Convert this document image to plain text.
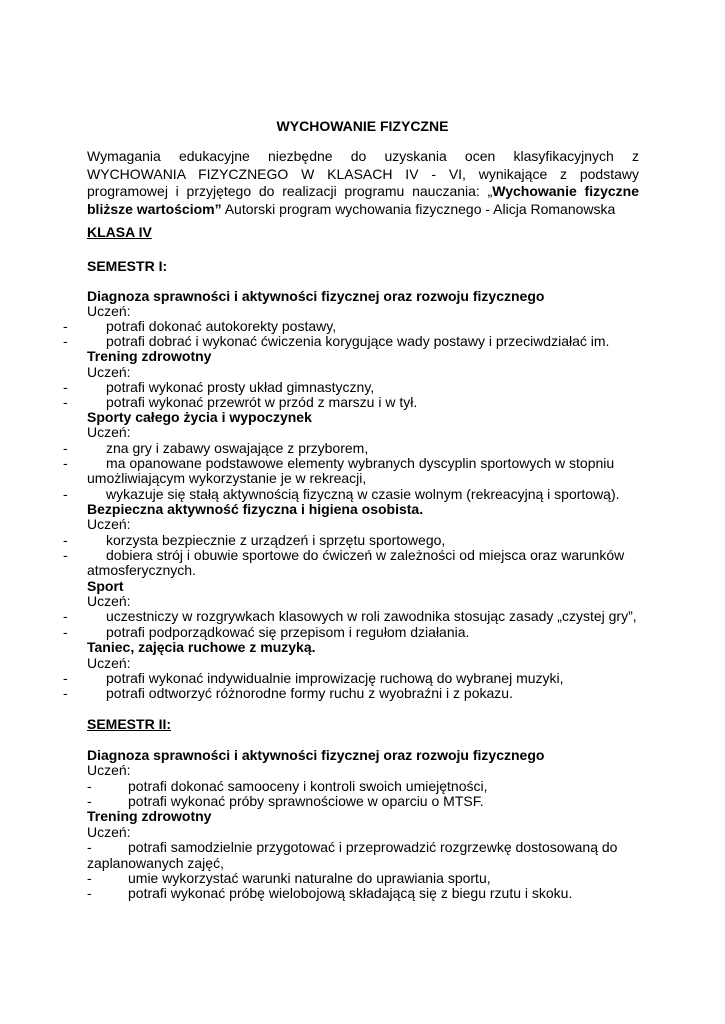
WYCHOWANIE FIZYCZNE
Wymagania edukacyjne niezbędne do uzyskania ocen klasyfikacyjnych z WYCHOWANIA FIZYCZNEGO W KLASACH IV - VI, wynikające z podstawy programowej i przyjętego do realizacji programu nauczania: „Wychowanie fizyczne bliższe wartościom” Autorski program wychowania fizycznego - Alicja Romanowska
KLASA IV
SEMESTR I:
Diagnoza sprawności i aktywności fizycznej oraz rozwoju fizycznego
Uczeń:
-	potrafi dokonać autokorekty postawy,
-	potrafi dobrać i wykonać ćwiczenia korygujące wady postawy i przeciwdziałać im.
Trening zdrowotny
Uczeń:
-	potrafi wykonać prosty układ gimnastyczny,
-	potrafi wykonać przewrót w przód z marszu i w tył.
Sporty całego życia i wypoczynek
Uczeń:
-	zna gry i zabawy oswajające z przyborem,
-	ma opanowane podstawowe elementy wybranych dyscyplin sportowych w stopniu
umożliwiającym wykorzystanie je w rekreacji,
-	wykazuje się stałą aktywnością fizyczną w czasie wolnym (rekreacyjną i sportową).
Bezpieczna aktywność fizyczna i higiena osobista.
Uczeń:
-	korzysta bezpiecznie z urządzeń i sprzętu sportowego,
-	dobiera strój i obuwie sportowe do ćwiczeń w zależności od miejsca oraz warunków
atmosferycznych.
Sport
Uczeń:
-	uczestniczy w rozgrywkach klasowych w roli zawodnika stosując zasady „czystej gry”,
-	potrafi podporządkować się przepisom i regułom działania.
Taniec, zajęcia ruchowe z muzyką.
Uczeń:
-	potrafi wykonać indywidualnie improwizację ruchową do wybranej muzyki,
-	potrafi odtworzyć różnorodne formy ruchu z wyobraźni i z pokazu.
SEMESTR II:
Diagnoza sprawności i aktywności fizycznej oraz rozwoju fizycznego
Uczeń:
-	potrafi dokonać samooceny i kontroli swoich umiejętności,
-	potrafi wykonać próby sprawnościowe w oparciu o MTSF.
Trening zdrowotny
Uczeń:
-	potrafi samodzielnie przygotować i przeprowadzić rozgrzewkę dostosowaną do
zaplanowanych zajęć,
-	umie wykorzystać warunki naturalne do uprawiania sportu,
-	potrafi wykonać próbę wielobojową składającą się z biegu rzutu i skoku.
